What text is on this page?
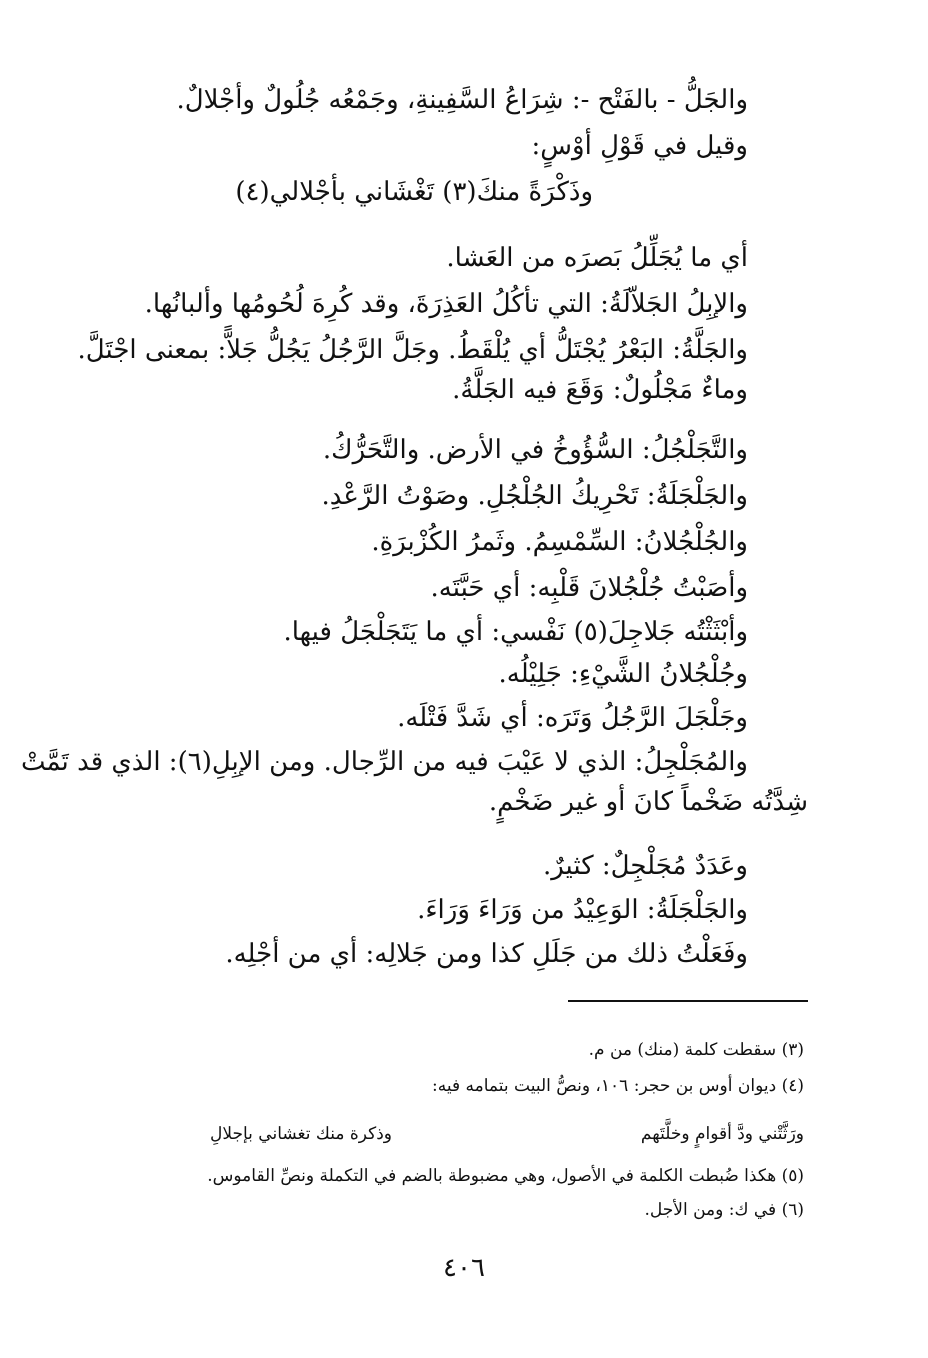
والجَلُّ - بالفَتْح -: شِرَاعُ السَّفِينةِ، وجَمْعُه جُلُولٌ وأجْلالٌ.
وقيل في قَوْلِ أوْسٍ:
وذَكْرَةً منكَ(٣) تَغْشَاني بأجْلالي(٤)
أي ما يُجَلِّلُ بَصرَه من العَشا.
والإبِلُ الجَلاّلَةُ: التي تأكُلُ العَذِرَةَ، وقد كُرِهَ لُحُومُها وألبانُها.
والجَلَّةُ: البَعْرُ يُجْتَلُّ أي يُلْقَطُ. وجَلَّ الرَّجُلُ يَجُلُّ جَلاًّ: بمعنى اجْتَلَّ.
وماءٌ مَجْلُولٌ: وَقَعَ فيه الجَلَّةُ.
والتَّجَلْجُلُ: السُّؤُوخُ في الأرض. والتَّحَرُّكُ.
والجَلْجَلَةُ: تَحْرِيكُ الجُلْجُلِ. وصَوْتُ الرَّعْدِ.
والجُلْجُلانُ: السِّمْسِمُ. وثَمرُ الكُزْبرَةِ.
وأصَبْتُ جُلْجُلانَ قَلْبِه: أي حَبَّتَه.
وأبْثَثْتُه جَلاجِلَ(٥) نَفْسي: أي ما يَتَجَلْجَلُ فيها.
وجُلْجُلانُ الشَّيْءِ: جَلِيْلُه.
وجَلْجَلَ الرَّجُلُ وَتَرَه: أي شَدَّ فَتْلَه.
والمُجَلْجِلُ: الذي لا عَيْبَ فيه من الرِّجال. ومن الإبِلِ(٦): الذي قد تَمَّتْ
شِدَّتُه ضَخْماً كانَ أو غير ضَخْمٍ.
وعَدَدٌ مُجَلْجِلٌ: كثيرٌ.
والجَلْجَلَةُ: الوَعِيْدُ من وَرَاءَ وَرَاءَ.
وفَعَلْتُ ذلك من جَلَلِ كذا ومن جَلالِه: أي من أجْلِه.
(٣) سقطت كلمة (منك) من م.
(٤) ديوان أوس بن حجر: ١٠٦، ونصُّ البيت بتمامه فيه:
ورَثَّتْني ودَّ أقوامٍ وخلَّتَهم
وذكرة منك تغشاني بإجلالِ
(٥) هكذا ضُبطت الكلمة في الأصول، وهي مضبوطة بالضم في التكملة ونصِّ القاموس.
(٦) في ك: ومن الأجل.
٤٠٦
